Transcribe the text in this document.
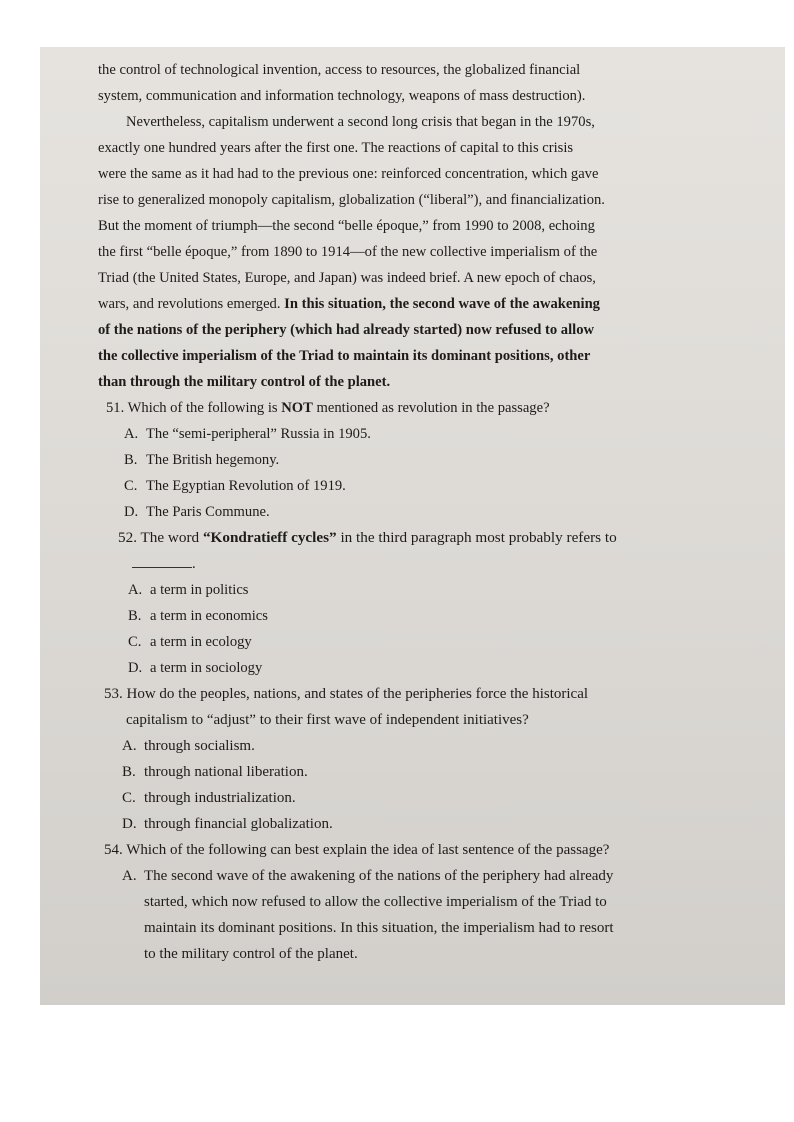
the control of technological invention, access to resources, the globalized financial
system, communication and information technology, weapons of mass destruction).
Nevertheless, capitalism underwent a second long crisis that began in the 1970s,
exactly one hundred years after the first one. The reactions of capital to this crisis
were the same as it had had to the previous one: reinforced concentration, which gave
rise to generalized monopoly capitalism, globalization (“liberal”), and financialization.
But the moment of triumph—the second “belle époque,” from 1990 to 2008, echoing
the first “belle époque,” from 1890 to 1914—of the new collective imperialism of the
Triad (the United States, Europe, and Japan) was indeed brief. A new epoch of chaos,
wars, and revolutions emerged. In this situation, the second wave of the awakening
of the nations of the periphery (which had already started) now refused to allow
the collective imperialism of the Triad to maintain its dominant positions, other
than through the military control of the planet.
51. Which of the following is NOT mentioned as revolution in the passage?
A. The “semi-peripheral” Russia in 1905.
B. The British hegemony.
C. The Egyptian Revolution of 1919.
D. The Paris Commune.
52. The word “Kondratieff cycles” in the third paragraph most probably refers to
.
A. a term in politics
B. a term in economics
C. a term in ecology
D. a term in sociology
53. How do the peoples, nations, and states of the peripheries force the historical
capitalism to “adjust” to their first wave of independent initiatives?
A. through socialism.
B. through national liberation.
C. through industrialization.
D. through financial globalization.
54. Which of the following can best explain the idea of last sentence of the passage?
A. The second wave of the awakening of the nations of the periphery had already
started, which now refused to allow the collective imperialism of the Triad to
maintain its dominant positions. In this situation, the imperialism had to resort
to the military control of the planet.
